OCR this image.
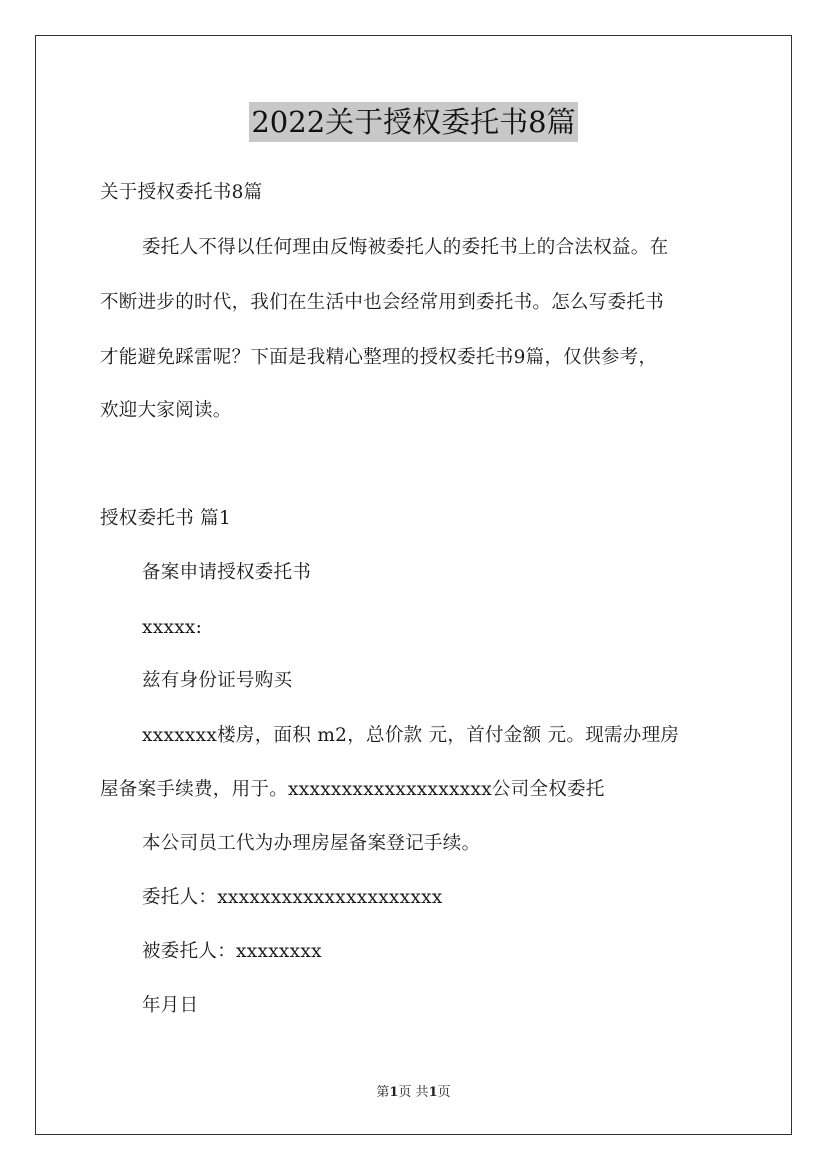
2022关于授权委托书8篇
关于授权委托书8篇
委托人不得以任何理由反悔被委托人的委托书上的合法权益。在
不断进步的时代，我们在生活中也会经常用到委托书。怎么写委托书
才能避免踩雷呢？下面是我精心整理的授权委托书9篇，仅供参考，
欢迎大家阅读。
授权委托书 篇1
备案申请授权委托书
xxxxx:
兹有身份证号购买
xxxxxxx楼房，面积 m2，总价款 元，首付金额 元。现需办理房
屋备案手续费，用于。xxxxxxxxxxxxxxxxxxx公司全权委托
本公司员工代为办理房屋备案登记手续。
委托人：xxxxxxxxxxxxxxxxxxxxx
被委托人：xxxxxxxx
年月日
第1页 共1页
